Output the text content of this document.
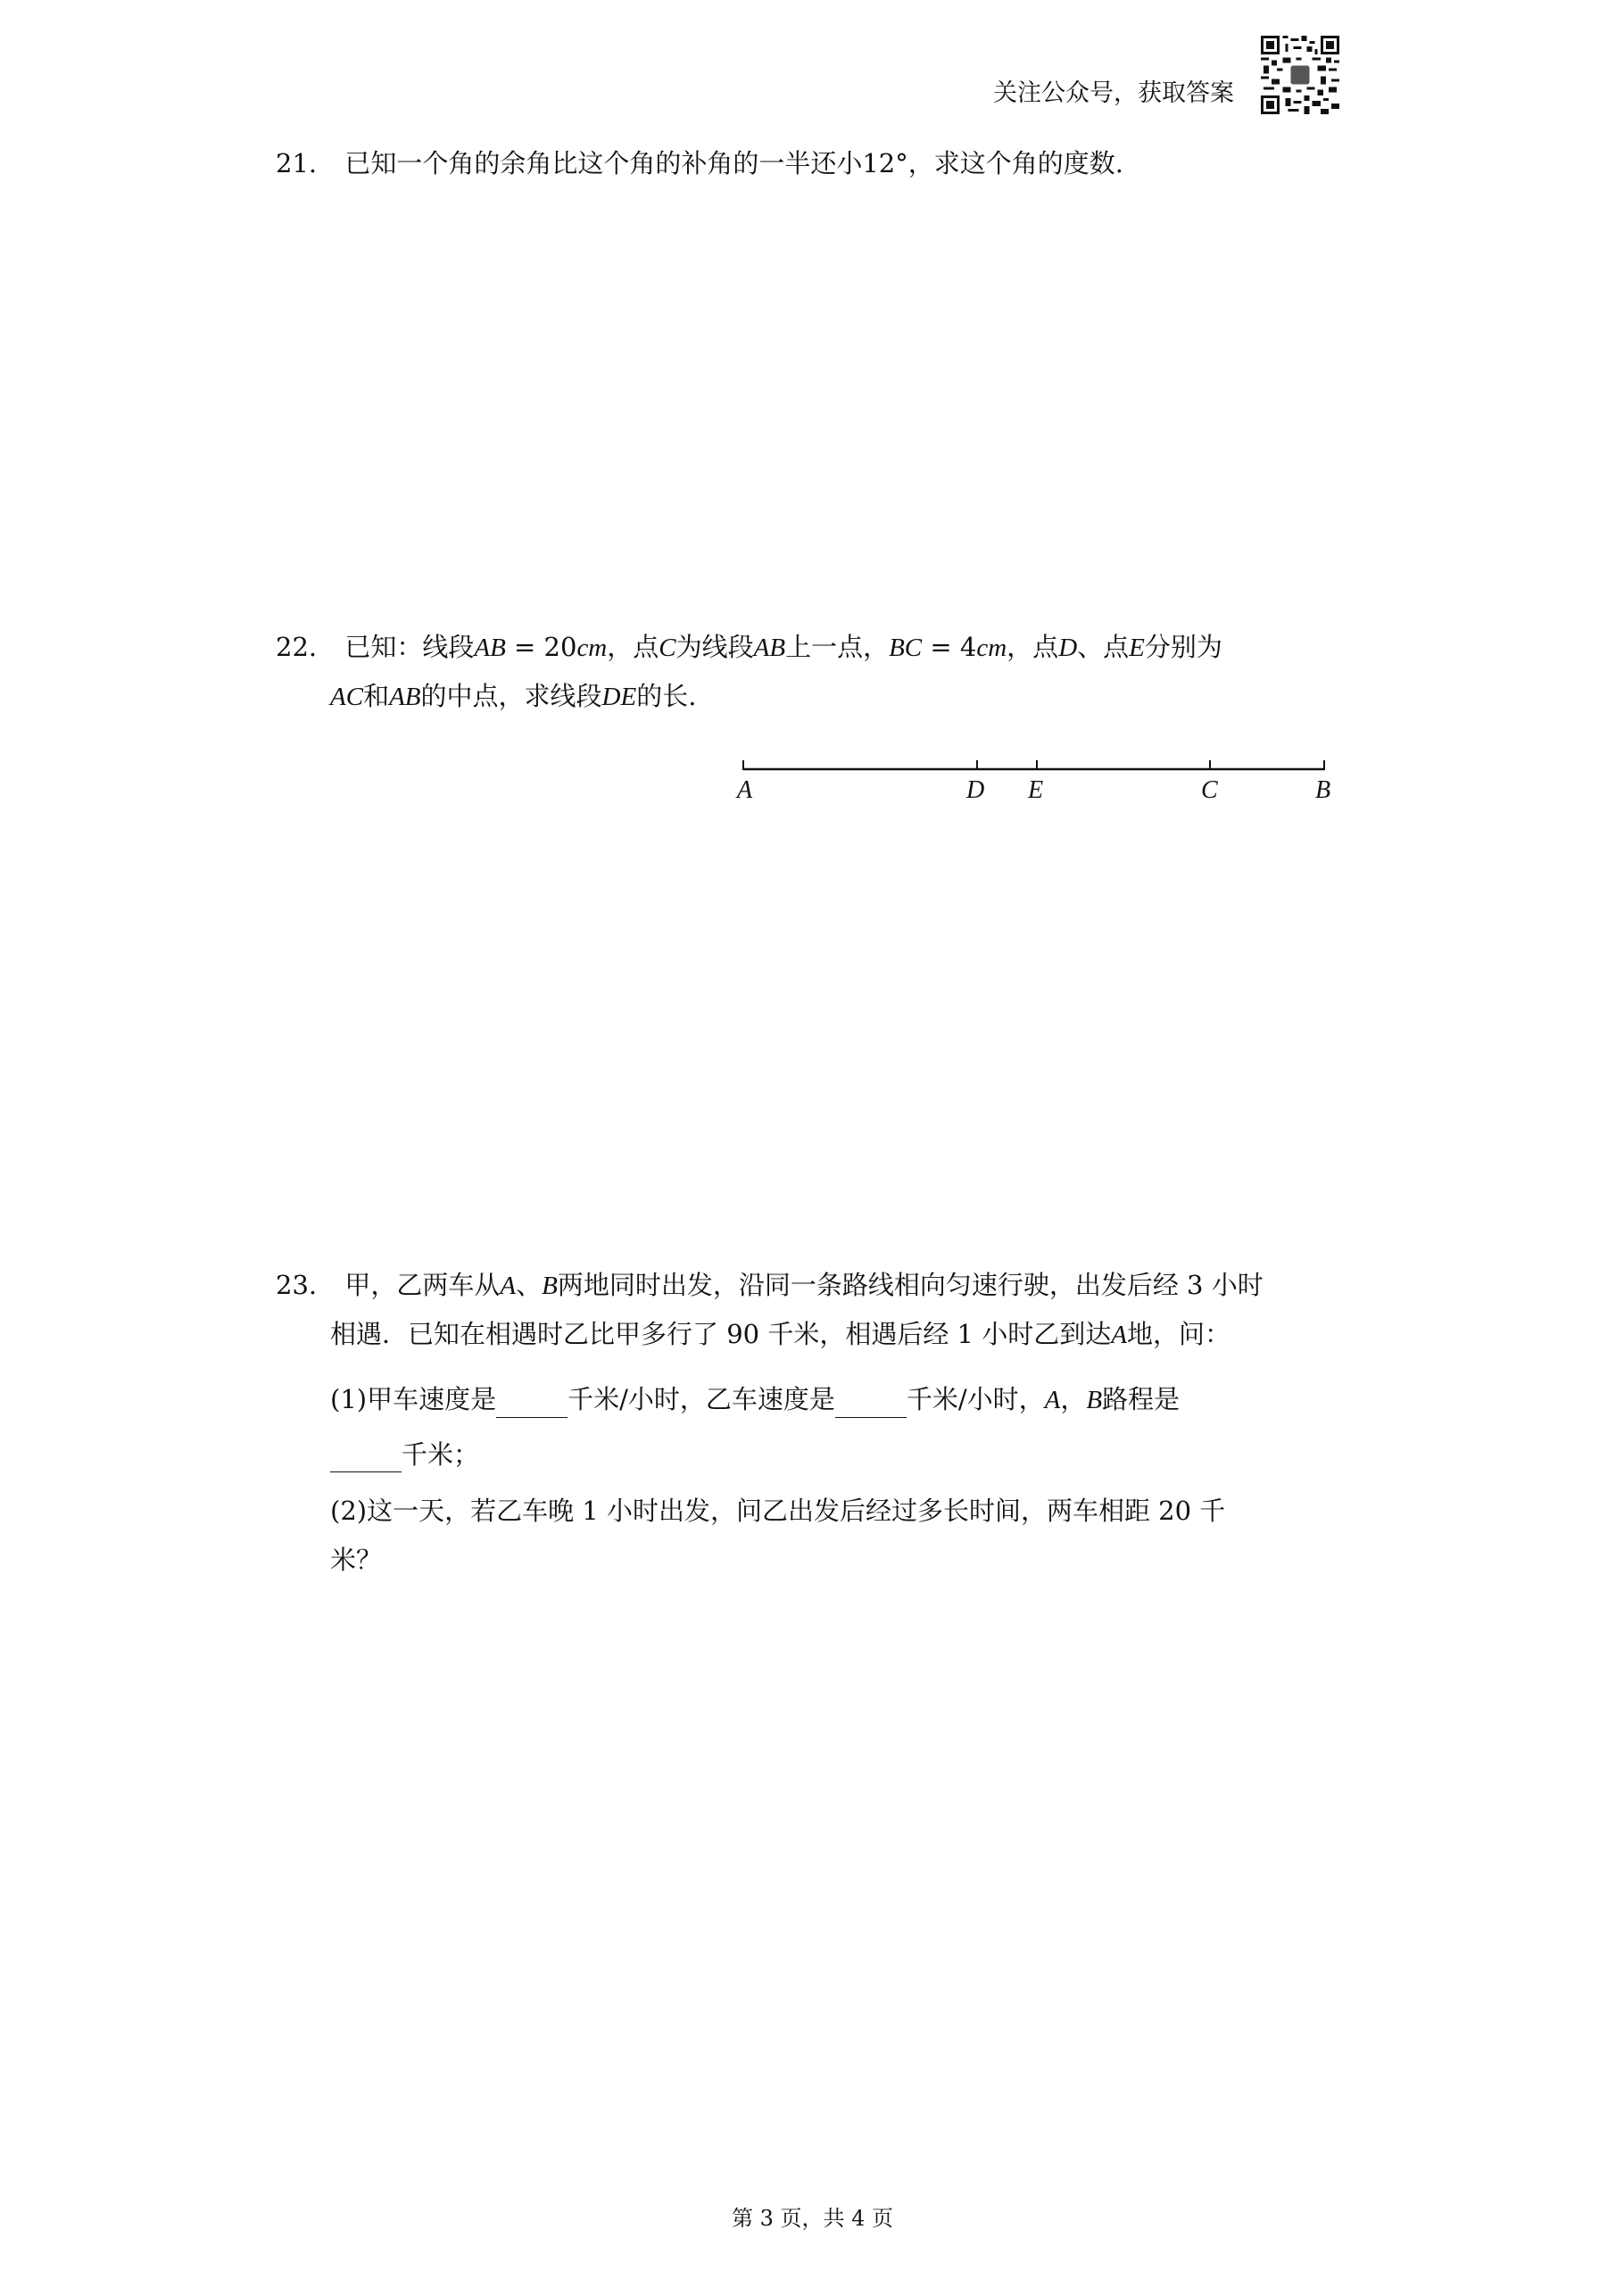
关注公众号，获取答案
21. 已知一个角的余角比这个角的补角的一半还小12°，求这个角的度数.
22. 已知：线段AB = 20cm，点C为线段AB上一点，BC = 4cm，点D、点E分别为
AC和AB的中点，求线段DE的长.
A	D E	C	B
23. 甲，乙两车从A、B两地同时出发，沿同一条路线相向匀速行驶，出发后经 3 小时
相遇．已知在相遇时乙比甲多行了 90 千米，相遇后经 1 小时乙到达A地，问：
(1)甲车速度是	千米/小时，乙车速度是	千米/小时，A，B路程是
千米；
(2)这一天，若乙车晚 1 小时出发，问乙出发后经过多长时间，两车相距 20 千
米？
第 3 页，共 4 页
